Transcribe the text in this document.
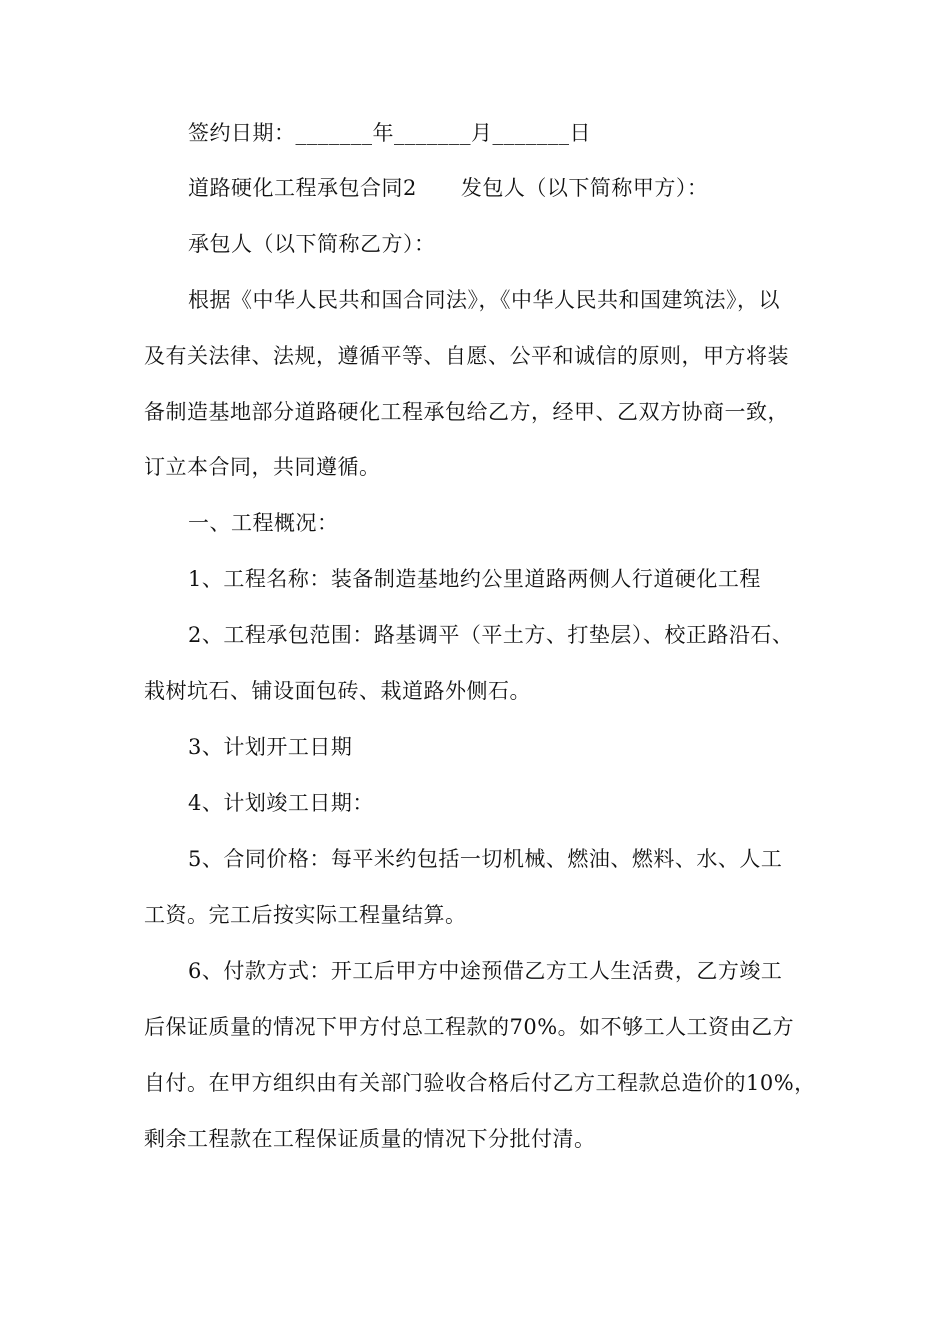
签约日期：_______年_______月_______日
道路硬化工程承包合同2 发包人（以下简称甲方）：
承包人（以下简称乙方）：
根据《中华人民共和国合同法》，《中华人民共和国建筑法》，以
及有关法律、法规，遵循平等、自愿、公平和诚信的原则，甲方将装
备制造基地部分道路硬化工程承包给乙方，经甲、乙双方协商一致，
订立本合同，共同遵循。
一、工程概况：
1、工程名称：装备制造基地约公里道路两侧人行道硬化工程
2、工程承包范围：路基调平（平土方、打垫层）、校正路沿石、
栽树坑石、铺设面包砖、栽道路外侧石。
3、计划开工日期
4、计划竣工日期：
5、合同价格：每平米约包括一切机械、燃油、燃料、水、人工
工资。完工后按实际工程量结算。
6、付款方式：开工后甲方中途预借乙方工人生活费，乙方竣工
后保证质量的情况下甲方付总工程款的70%。如不够工人工资由乙方
自付。在甲方组织由有关部门验收合格后付乙方工程款总造价的10%，
剩余工程款在工程保证质量的情况下分批付清。
